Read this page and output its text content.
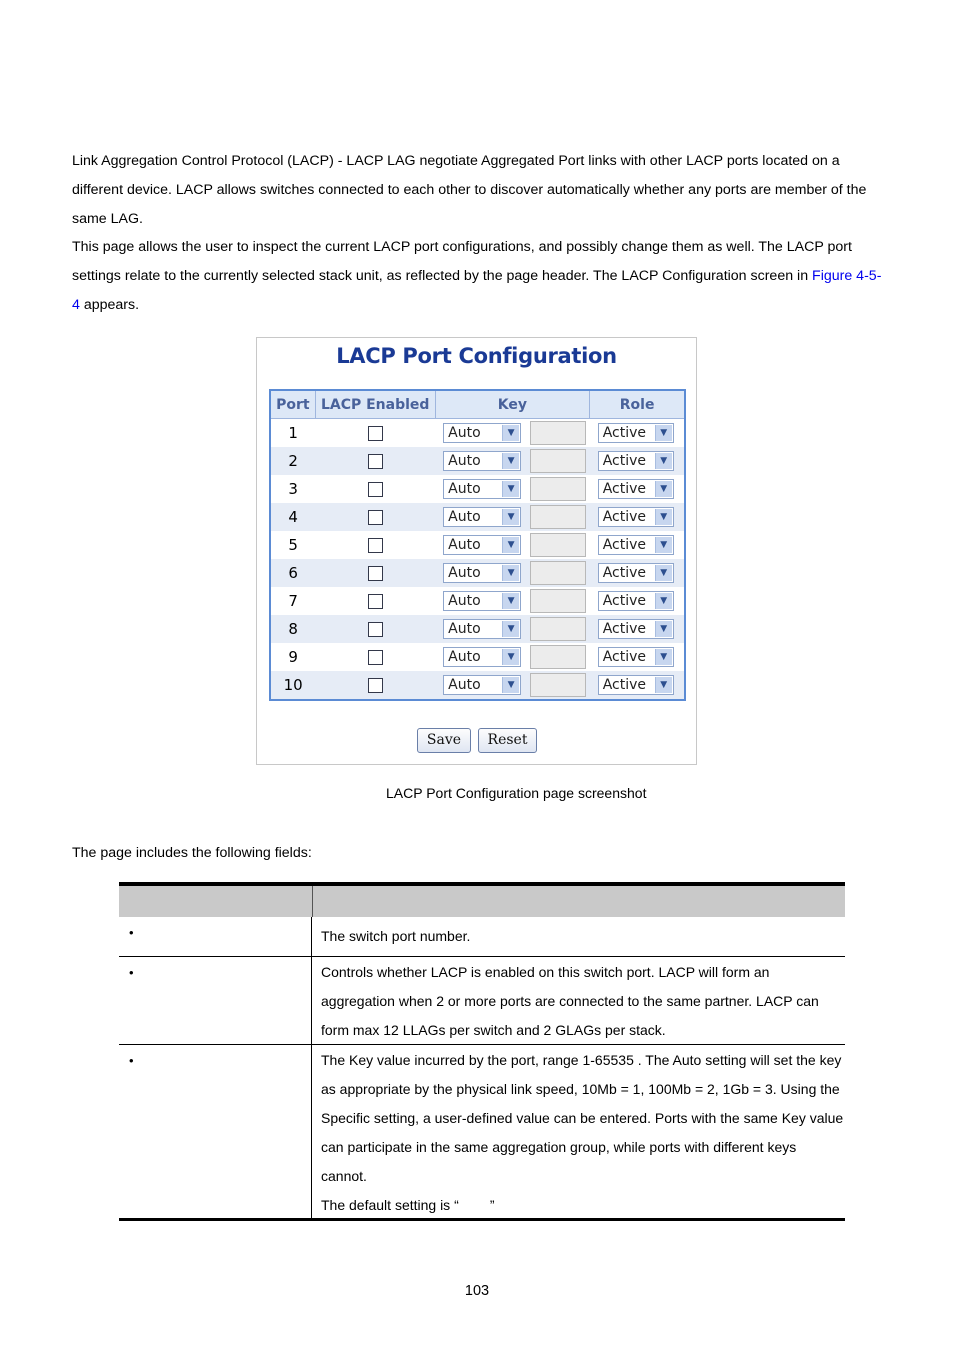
Link Aggregation Control Protocol (LACP) - LACP LAG negotiate Aggregated Port links with other LACP ports located on a different device. LACP allows switches connected to each other to discover automatically whether any ports are member of the same LAG.

This page allows the user to inspect the current LACP port configurations, and possibly change them as well. The LACP port settings relate to the currently selected stack unit, as reflected by the page header. The LACP Configuration screen in Figure 4-5-4 appears.

LACP Port Configuration
Port	LACP Enabled	Key	Role
1		Auto ▼	Active ▼

2		Auto ▼	Active ▼

3		Auto ▼	Active ▼

4		Auto ▼	Active ▼

5		Auto ▼	Active ▼

6		Auto ▼	Active ▼

7		Auto ▼	Active ▼

8		Auto ▼	Active ▼

9		Auto ▼	Active ▼

10		Auto ▼	Active ▼
Save	Reset
LACP Port Configuration page screenshot

The page includes the following fields:

•	The switch port number.
•	Controls whether LACP is enabled on this switch port. LACP will form an aggregation when 2 or more ports are connected to the same partner. LACP can form max 12 LLAGs per switch and 2 GLAGs per stack.
•	The Key value incurred by the port, range 1-65535 . The Auto setting will set the key as appropriate by the physical link speed, 10Mb = 1, 100Mb = 2, 1Gb = 3. Using the Specific setting, a user-defined value can be entered. Ports with the same Key value can participate in the same aggregation group, while ports with different keys cannot.
The default setting is “        ”
103
